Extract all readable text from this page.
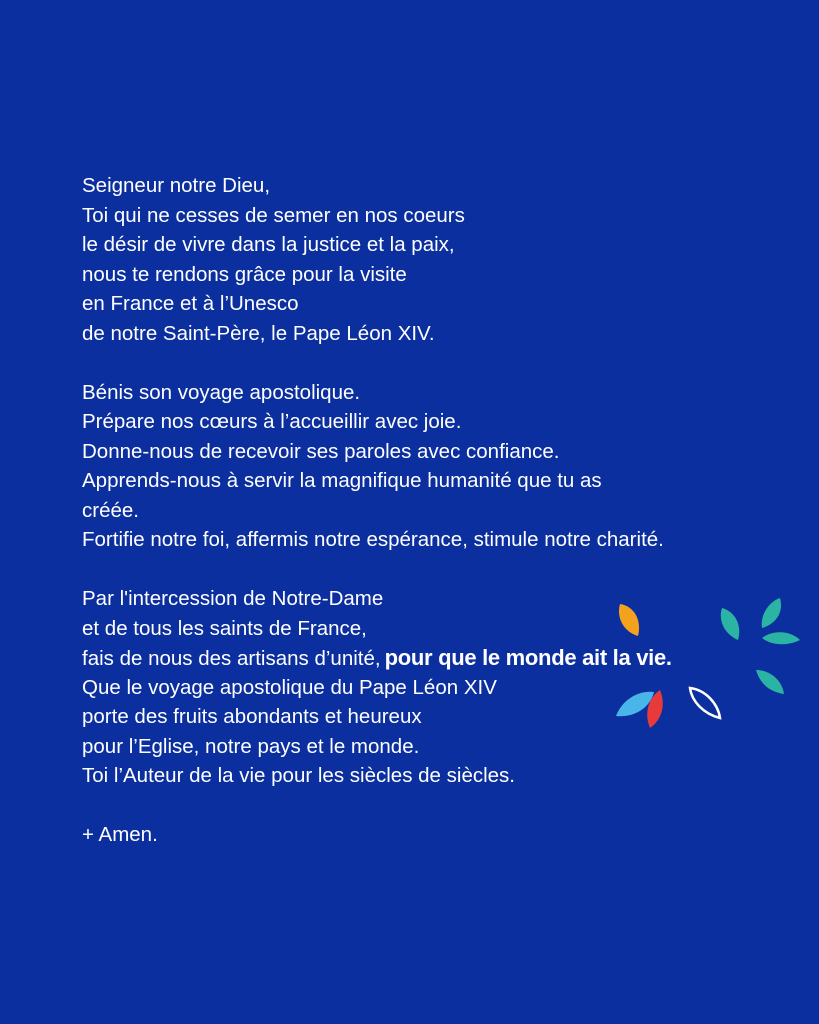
Seigneur notre Dieu,
Toi qui ne cesses de semer en nos coeurs
le désir de vivre dans la justice et la paix,
nous te rendons grâce pour la visite
en France et à l’Unesco
de notre Saint-Père, le Pape Léon XIV.
Bénis son voyage apostolique.
Prépare nos cœurs à l’accueillir avec joie.
Donne-nous de recevoir ses paroles avec confiance.
Apprends-nous à servir la magnifique humanité que tu as
créée.
Fortifie notre foi, affermis notre espérance, stimule notre charité.
Par l'intercession de Notre-Dame
et de tous les saints de France,
fais de nous des artisans d’unité, pour que le monde ait la vie.
Que le voyage apostolique du Pape Léon XIV
porte des fruits abondants et heureux
pour l’Eglise, notre pays et le monde.
Toi l’Auteur de la vie pour les siècles de siècles.
+ Amen.
